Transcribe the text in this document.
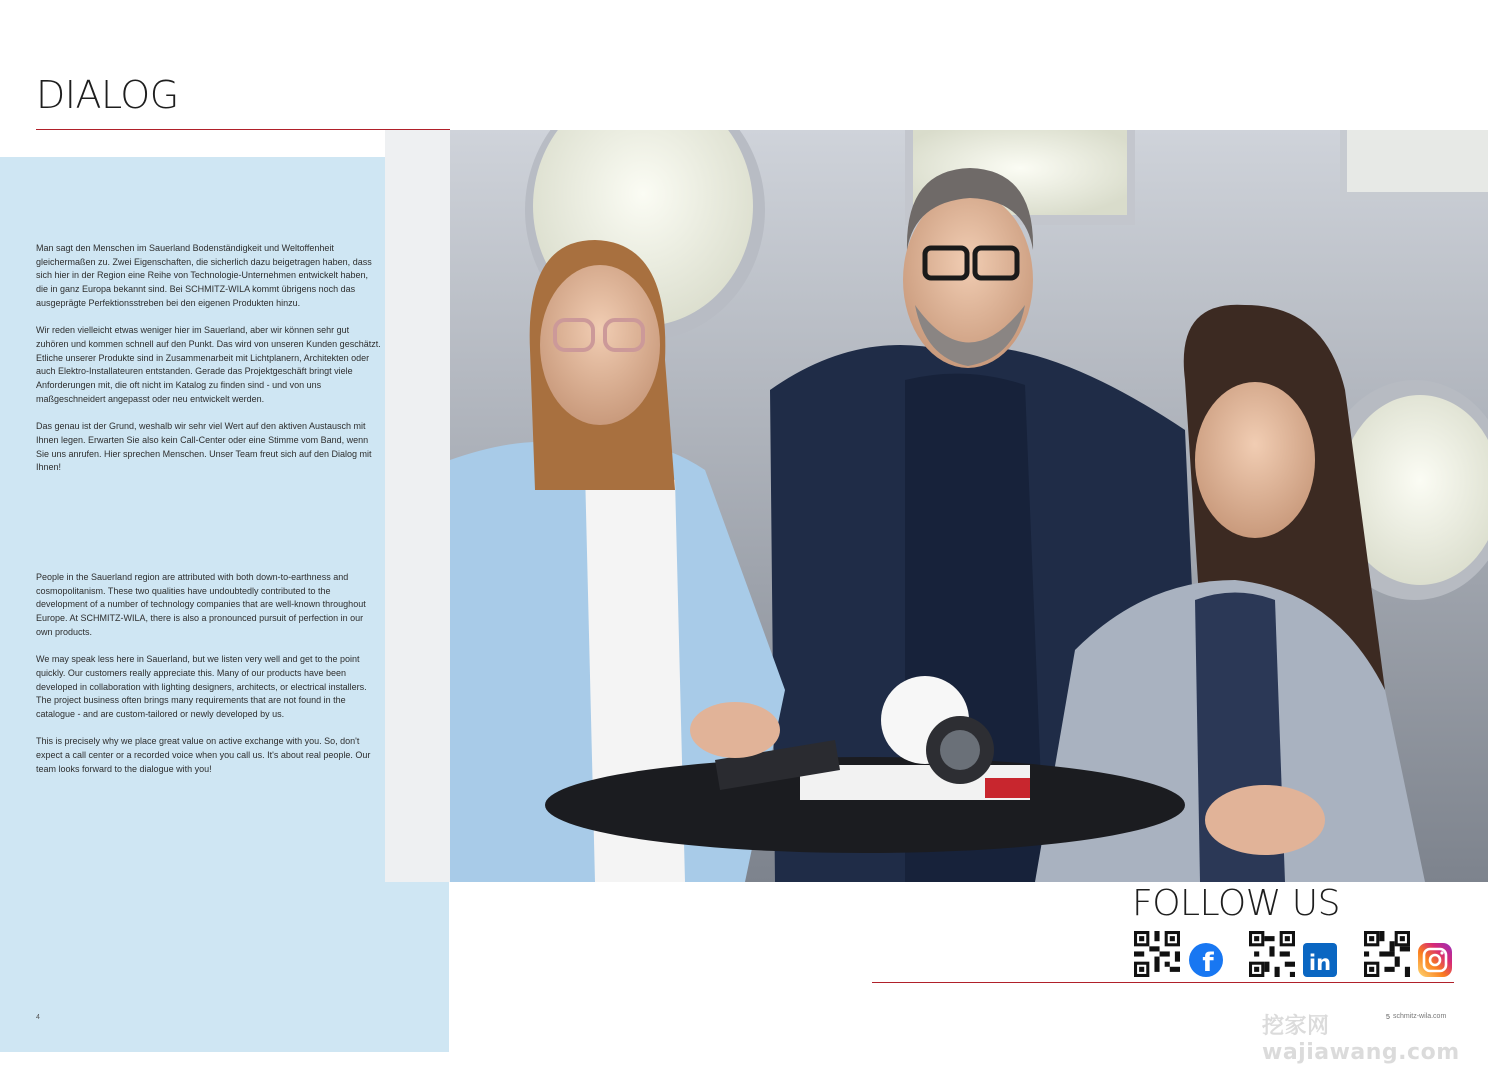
DIALOG

Man sagt den Menschen im Sauerland Bodenständigkeit und Weltoffenheit gleichermaßen zu. Zwei Eigenschaften, die sicherlich dazu beigetragen haben, dass sich hier in der Region eine Reihe von Technologie-Unternehmen entwickelt haben, die in ganz Europa bekannt sind. Bei SCHMITZ-WILA kommt übrigens noch das ausgeprägte Perfektionsstreben bei den eigenen Produkten hinzu.

Wir reden vielleicht etwas weniger hier im Sauerland, aber wir können sehr gut zuhören und kommen schnell auf den Punkt. Das wird von unseren Kunden geschätzt. Etliche unserer Produkte sind in Zusammenarbeit mit Lichtplanern, Architekten oder auch Elektro-Installateuren entstanden. Gerade das Projektgeschäft bringt viele Anforderungen mit, die oft nicht im Katalog zu finden sind - und von uns maßgeschneidert angepasst oder neu entwickelt werden.

Das genau ist der Grund, weshalb wir sehr viel Wert auf den aktiven Austausch mit Ihnen legen. Erwarten Sie also kein Call-Center oder eine Stimme vom Band, wenn Sie uns anrufen. Hier sprechen Menschen. Unser Team freut sich auf den Dialog mit Ihnen!

People in the Sauerland region are attributed with both down-to-earthness and cosmopolitanism. These two qualities have undoubtedly contributed to the development of a number of technology companies that are well-known throughout Europe. At SCHMITZ-WILA, there is also a pronounced pursuit of perfection in our own products.

We may speak less here in Sauerland, but we listen very well and get to the point quickly. Our customers really appreciate this. Many of our products have been developed in collaboration with lighting designers, architects, or electrical installers. The project business often brings many requirements that are not found in the catalogue - and are custom-tailored or newly developed by us.

This is precisely why we place great value on active exchange with you. So, don't expect a call center or a recorded voice when you call us. It's about real people. Our team looks forward to the dialogue with you!

FOLLOW US
f	in
4	5 schmitz-wila.com
挖家网 wajiawang.com
